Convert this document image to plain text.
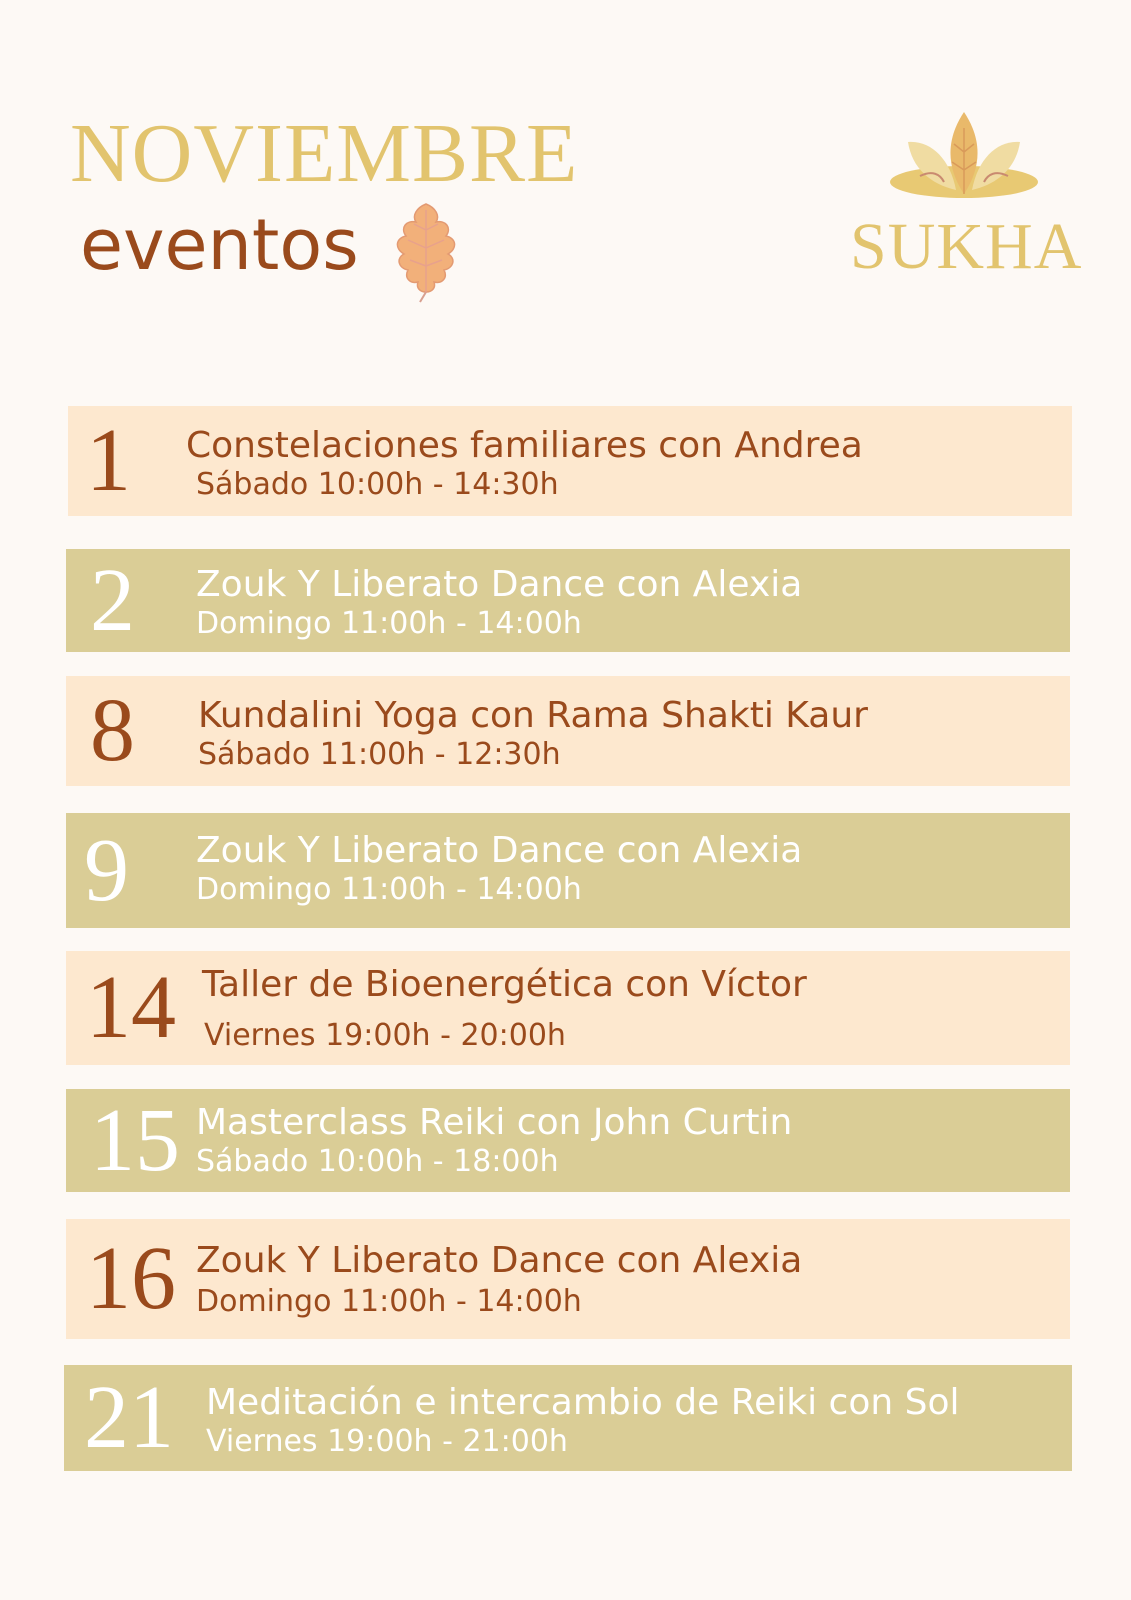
NOVIEMBRE
eventos	SUKHA
1 Constelaciones familiares con Andrea
Sábado 10:00h - 14:30h
2 Zouk Y Liberato Dance con Alexia
Domingo 11:00h - 14:00h
8 Kundalini Yoga con Rama Shakti Kaur
Sábado 11:00h - 12:30h
9 Zouk Y Liberato Dance con Alexia
Domingo 11:00h - 14:00h
14 Taller de Bioenergética con Víctor
Viernes 19:00h - 20:00h
15 Masterclass Reiki con John Curtin
Sábado 10:00h - 18:00h
16 Zouk Y Liberato Dance con Alexia
Domingo 11:00h - 14:00h
21 Meditación e intercambio de Reiki con Sol
Viernes 19:00h - 21:00h
